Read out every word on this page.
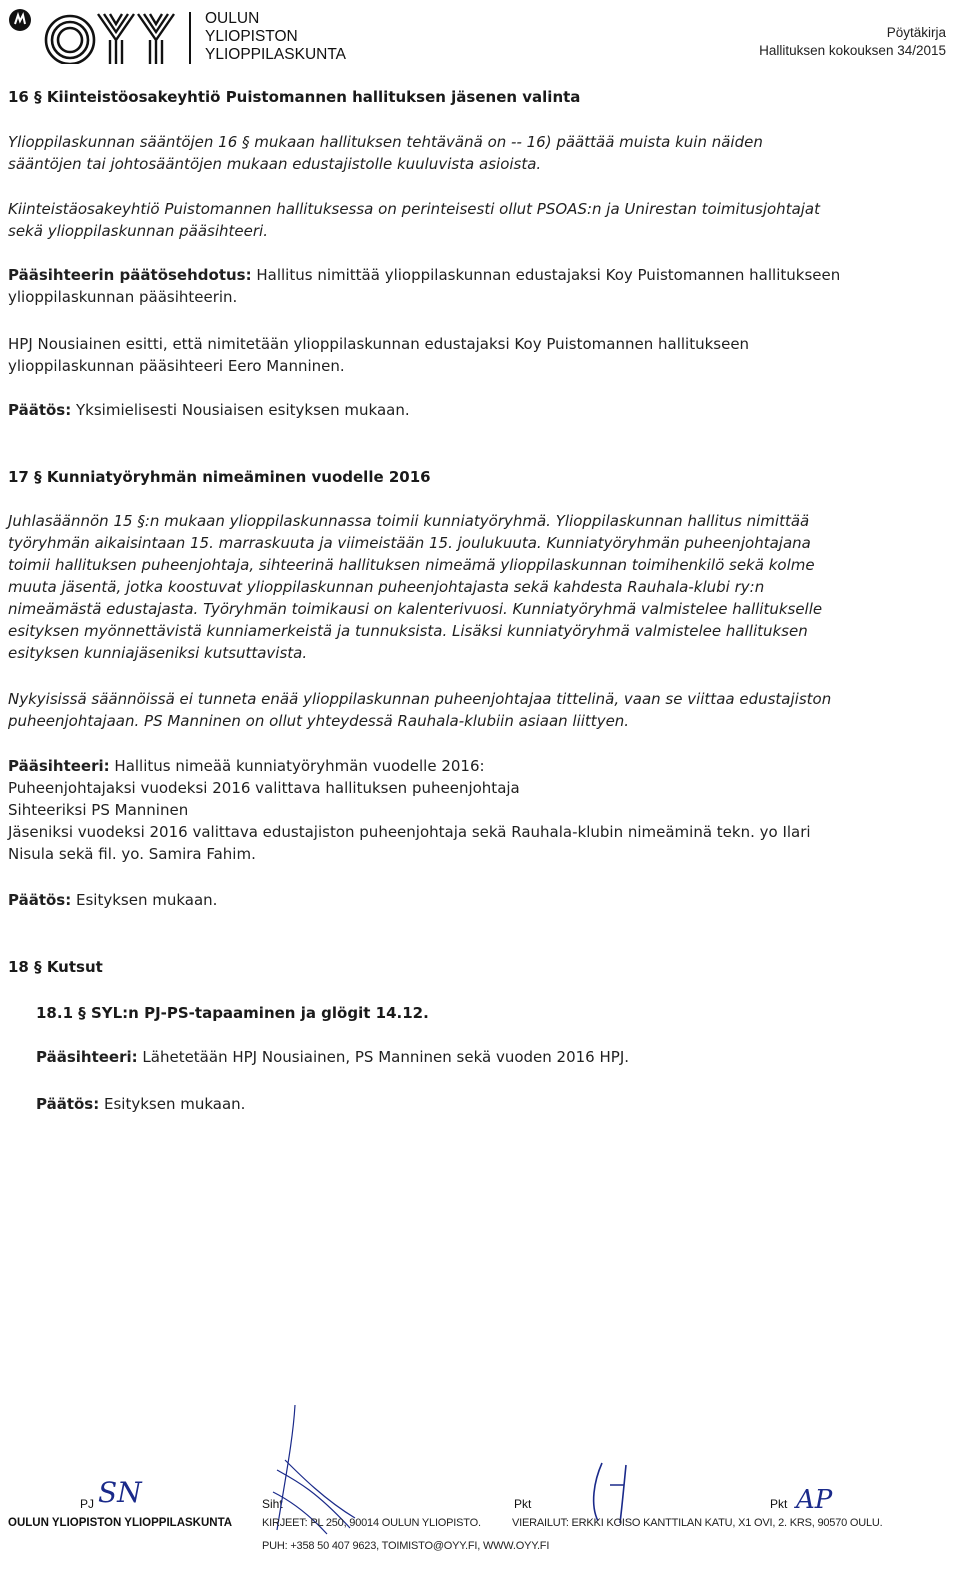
OULUN
YLIOPISTON
YLIOPPILASKUNTA
Pöytäkirja
Hallituksen kokouksen 34/2015
16 § Kiinteistöosakeyhtiö Puistomannen hallituksen jäsenen valinta
Ylioppilaskunnan sääntöjen 16 § mukaan hallituksen tehtävänä on -- 16) päättää muista kuin näiden
sääntöjen tai johtosääntöjen mukaan edustajistolle kuuluvista asioista.
Kiinteistäosakeyhtiö Puistomannen hallituksessa on perinteisesti ollut PSOAS:n ja Unirestan toimitusjohtajat
sekä ylioppilaskunnan pääsihteeri.
Pääsihteerin päätösehdotus: Hallitus nimittää ylioppilaskunnan edustajaksi Koy Puistomannen hallitukseen
ylioppilaskunnan pääsihteerin.
HPJ Nousiainen esitti, että nimitetään ylioppilaskunnan edustajaksi Koy Puistomannen hallitukseen
ylioppilaskunnan pääsihteeri Eero Manninen.
Päätös: Yksimielisesti Nousiaisen esityksen mukaan.
17 § Kunniatyöryhmän nimeäminen vuodelle 2016
Juhlasäännön 15 §:n mukaan ylioppilaskunnassa toimii kunniatyöryhmä. Ylioppilaskunnan hallitus nimittää
työryhmän aikaisintaan 15. marraskuuta ja viimeistään 15. joulukuuta. Kunniatyöryhmän puheenjohtajana
toimii hallituksen puheenjohtaja, sihteerinä hallituksen nimeämä ylioppilaskunnan toimihenkilö sekä kolme
muuta jäsentä, jotka koostuvat ylioppilaskunnan puheenjohtajasta sekä kahdesta Rauhala-klubi ry:n
nimeämästä edustajasta. Työryhmän toimikausi on kalenterivuosi. Kunniatyöryhmä valmistelee hallitukselle
esityksen myönnettävistä kunniamerkeistä ja tunnuksista. Lisäksi kunniatyöryhmä valmistelee hallituksen
esityksen kunniajäseniksi kutsuttavista.
Nykyisissä säännöissä ei tunneta enää ylioppilaskunnan puheenjohtajaa tittelinä, vaan se viittaa edustajiston
puheenjohtajaan. PS Manninen on ollut yhteydessä Rauhala-klubiin asiaan liittyen.
Pääsihteeri: Hallitus nimeää kunniatyöryhmän vuodelle 2016:
Puheenjohtajaksi vuodeksi 2016 valittava hallituksen puheenjohtaja
Sihteeriksi PS Manninen
Jäseniksi vuodeksi 2016 valittava edustajiston puheenjohtaja sekä Rauhala-klubin nimeäminä tekn. yo Ilari
Nisula sekä fil. yo. Samira Fahim.
Päätös: Esityksen mukaan.
18 § Kutsut
18.1 § SYL:n PJ-PS-tapaaminen ja glögit 14.12.
Pääsihteeri: Lähetetään HPJ Nousiainen, PS Manninen sekä vuoden 2016 HPJ.
Päätös: Esityksen mukaan.
PJ SN	Siht	Pkt	Pkt AP
OULUN YLIOPISTON YLIOPPILASKUNTA	KIRJEET: PL 250, 90014 OULUN YLIOPISTO.	VIERAILUT: ERKKI KOISO KANTTILAN KATU, X1 OVI, 2. KRS, 90570 OULU.
PUH: +358 50 407 9623, TOIMISTO@OYY.FI, WWW.OYY.FI
